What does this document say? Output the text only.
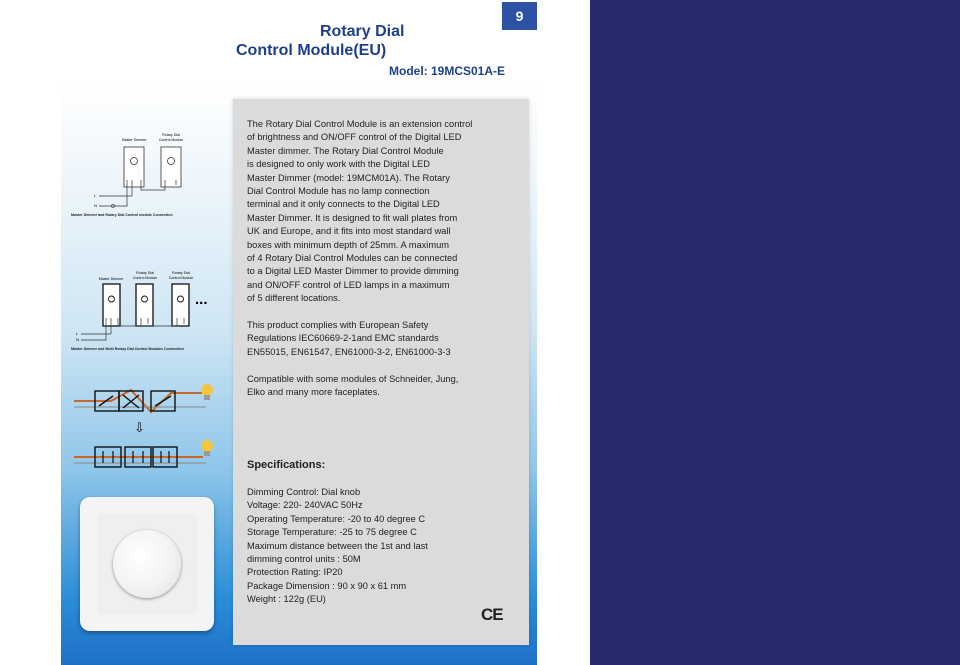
9
Rotary Dial
Control Module(EU)
Model: 19MCS01A-E
Master Dimmer
Rotary Dial
Control Module
L
N
Master Dimmer and Rotary Dial Control module Connection
Master Dimmer
Rotary Dial
Control Module
Rotary Dial
Control Module
...
L
N
Master Dimmer and Multi Rotary Dial Control Modules Connection
⇩

The Rotary Dial Control Module is an extension control
of brightness and ON/OFF control of the Digital LED
Master dimmer. The Rotary Dial Control Module
is designed to only work with the Digital LED
Master Dimmer (model: 19MCM01A). The Rotary
Dial Control Module has no lamp connection
terminal and it only connects to the Digital LED
Master Dimmer. It is designed to fit wall plates from
UK and Europe, and it fits into most standard wall
boxes with minimum depth of 25mm. A maximum
of 4 Rotary Dial Control Modules can be connected
to a Digital LED Master Dimmer to provide dimming
and ON/OFF control of LED lamps in a maximum
of 5 different locations.

This product complies with European Safety
Regulations IEC60669-2-1and EMC standards
EN55015, EN61547, EN61000-3-2, EN61000-3-3

Compatible with some modules of Schneider, Jung,
Elko and many more faceplates.

Specifications:
Dimming Control: Dial knob
Voltage: 220- 240VAC 50Hz
Operating Temperature: -20 to 40 degree C
Storage Temperature: -25 to 75 degree C
Maximum distance between the 1st and last
dimming control units : 50M
Protection Rating: IP20
Package Dimension : 90 x 90 x 61 mm
Weight : 122g (EU)
CE
